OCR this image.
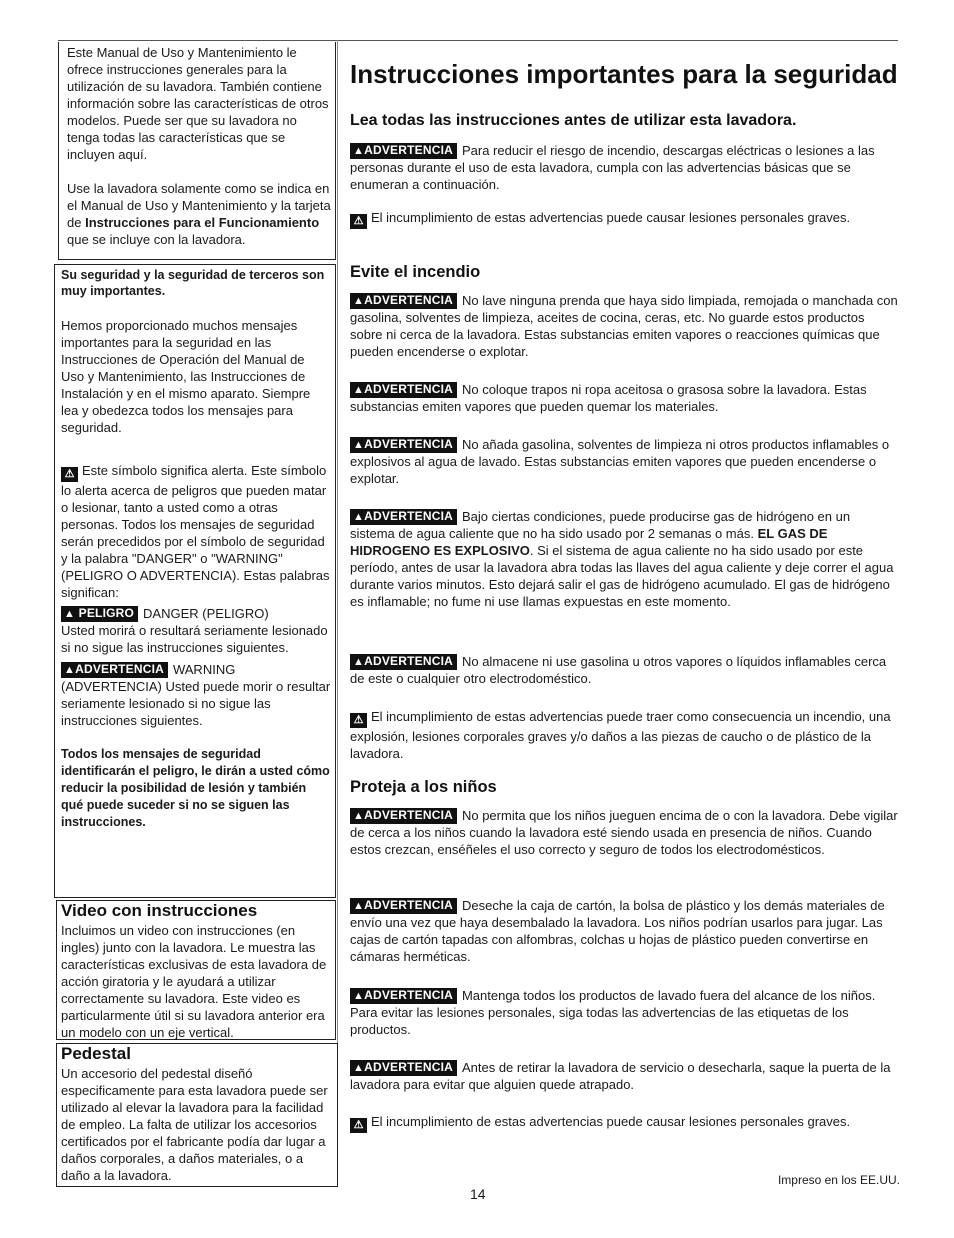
Este Manual de Uso y Mantenimiento le ofrece instrucciones generales para la utilización de su lavadora. También contiene información sobre las características de otros modelos. Puede ser que su lavadora no tenga todas las características que se incluyen aquí.

Use la lavadora solamente como se indica en el Manual de Uso y Mantenimiento y la tarjeta de Instrucciones para el Funcionamiento que se incluye con la lavadora.

Su seguridad y la seguridad de terceros son muy importantes.

Hemos proporcionado muchos mensajes importantes para la seguridad en las Instrucciones de Operación del Manual de Uso y Mantenimiento, las Instrucciones de Instalación y en el mismo aparato. Siempre lea y obedezca todos los mensajes para seguridad.

⚠ Este símbolo significa alerta. Este símbolo lo alerta acerca de peligros que pueden matar o lesionar, tanto a usted como a otras personas. Todos los mensajes de seguridad serán precedidos por el símbolo de seguridad y la palabra "DANGER" o "WARNING" (PELIGRO O ADVERTENCIA). Estas palabras significan:

▲ PELIGRO DANGER (PELIGRO)
Usted morirá o resultará seriamente lesionado si no sigue las instrucciones siguientes.

▲ADVERTENCIA WARNING
(ADVERTENCIA) Usted puede morir o resultar seriamente lesionado si no sigue las instrucciones siguientes.

Todos los mensajes de seguridad identificarán el peligro, le dirán a usted cómo reducir la posibilidad de lesión y también qué puede suceder si no se siguen las instrucciones.

Video con instrucciones
Incluimos un video con instrucciones (en ingles) junto con la lavadora. Le muestra las características exclusivas de esta lavadora de acción giratoria y le ayudará a utilizar correctamente su lavadora. Este video es particularmente útil si su lavadora anterior era un modelo con un eje vertical.
Pedestal
Un accesorio del pedestal diseñó especificamente para esta lavadora puede ser utilizado al elevar la lavadora para la facilidad de empleo. La falta de utilizar los accesorios certificados por el fabricante podía dar lugar a daños corporales, a daños materiales, o a daño a la lavadora.
Instrucciones importantes para la seguridad
Lea todas las instrucciones antes de utilizar esta lavadora.

▲ADVERTENCIA Para reducir el riesgo de incendio, descargas eléctricas o lesiones a las personas durante el uso de esta lavadora, cumpla con las advertencias básicas que se enumeran a continuación.

⚠ El incumplimiento de estas advertencias puede causar lesiones personales graves.

Evite el incendio

▲ADVERTENCIA No lave ninguna prenda que haya sido limpiada, remojada o manchada con gasolina, solventes de limpieza, aceites de cocina, ceras, etc. No guarde estos productos sobre ni cerca de la lavadora. Estas substancias emiten vapores o reacciones químicas que pueden encenderse o explotar.

▲ADVERTENCIA No coloque trapos ni ropa aceitosa o grasosa sobre la lavadora. Estas substancias emiten vapores que pueden quemar los materiales.

▲ADVERTENCIA No añada gasolina, solventes de limpieza ni otros productos inflamables o explosivos al agua de lavado. Estas substancias emiten vapores que pueden encenderse o explotar.

▲ADVERTENCIA Bajo ciertas condiciones, puede producirse gas de hidrógeno en un sistema de agua caliente que no ha sido usado por 2 semanas o más. EL GAS DE HIDROGENO ES EXPLOSIVO. Si el sistema de agua caliente no ha sido usado por este período, antes de usar la lavadora abra todas las llaves del agua caliente y deje correr el agua durante varios minutos. Esto dejará salir el gas de hidrógeno acumulado. El gas de hidrógeno es inflamable; no fume ni use llamas expuestas en este momento.

▲ADVERTENCIA No almacene ni use gasolina u otros vapores o líquidos inflamables cerca de este o cualquier otro electrodoméstico.

⚠ El incumplimiento de estas advertencias puede traer como consecuencia un incendio, una explosión, lesiones corporales graves y/o daños a las piezas de caucho o de plástico de la lavadora.

Proteja a los niños

▲ADVERTENCIA No permita que los niños jueguen encima de o con la lavadora. Debe vigilar de cerca a los niños cuando la lavadora esté siendo usada en presencia de niños. Cuando estos crezcan, enséñeles el uso correcto y seguro de todos los electrodomésticos.

▲ADVERTENCIA Deseche la caja de cartón, la bolsa de plástico y los demás materiales de envío una vez que haya desembalado la lavadora. Los niños podrían usarlos para jugar. Las cajas de cartón tapadas con alfombras, colchas u hojas de plástico pueden convertirse en cámaras herméticas.

▲ADVERTENCIA Mantenga todos los productos de lavado fuera del alcance de los niños. Para evitar las lesiones personales, siga todas las advertencias de las etiquetas de los productos.

▲ADVERTENCIA Antes de retirar la lavadora de servicio o desecharla, saque la puerta de la lavadora para evitar que alguien quede atrapado.

⚠ El incumplimiento de estas advertencias puede causar lesiones personales graves.

Impreso en los EE.UU.
14
